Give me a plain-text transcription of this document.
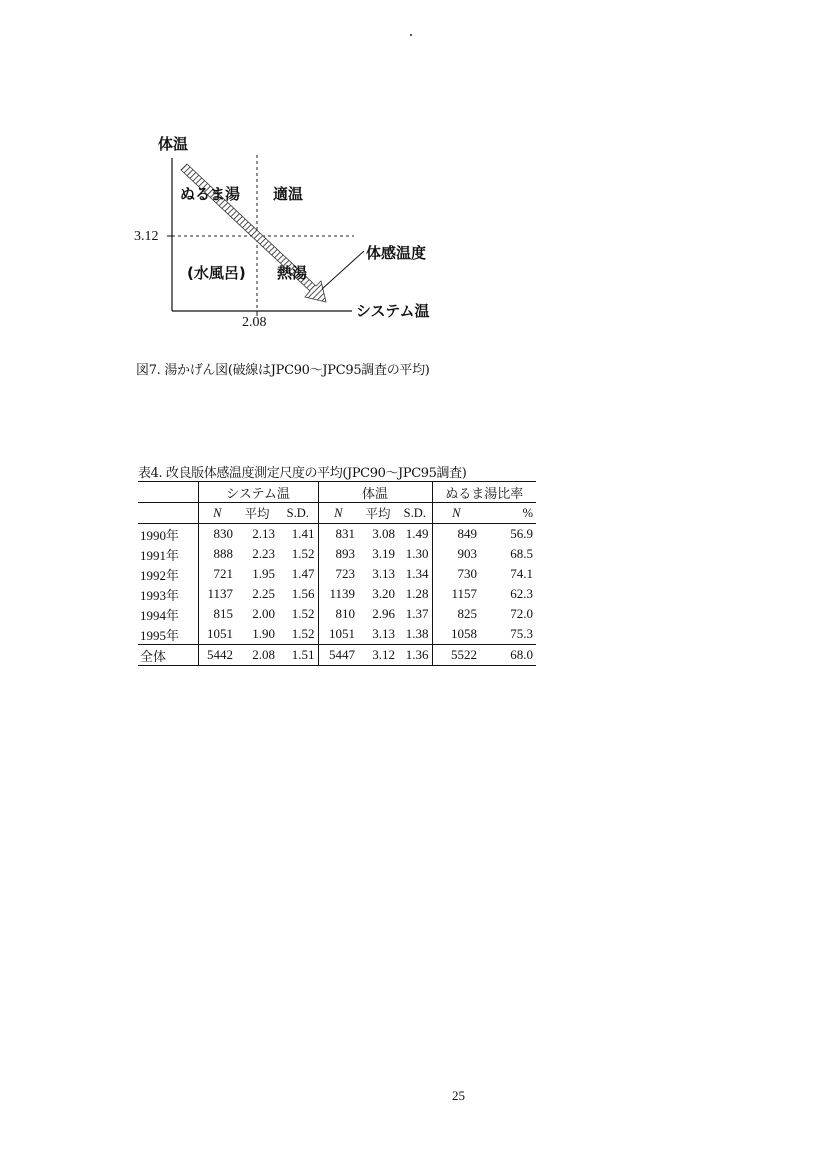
体温
ぬるま湯 適温
3.12
体感温度
(水風呂) 熱湯
システム温
2.08
図7. 湯かげん図(破線はJPC90～JPC95調査の平均)
表4. 改良版体感温度測定尺度の平均(JPC90～JPC95調査)
	システム温			体温			ぬるま湯比率	
	N	平均	S.D.	N	平均	S.D.	N	%
1990年	830	2.13	1.41	831	3.08	1.49	849	56.9
1991年	888	2.23	1.52	893	3.19	1.30	903	68.5
1992年	721	1.95	1.47	723	3.13	1.34	730	74.1
1993年	1137	2.25	1.56	1139	3.20	1.28	1157	62.3
1994年	815	2.00	1.52	810	2.96	1.37	825	72.0
1995年	1051	1.90	1.52	1051	3.13	1.38	1058	75.3
全体	5442	2.08	1.51	5447	3.12	1.36	5522	68.0
25
